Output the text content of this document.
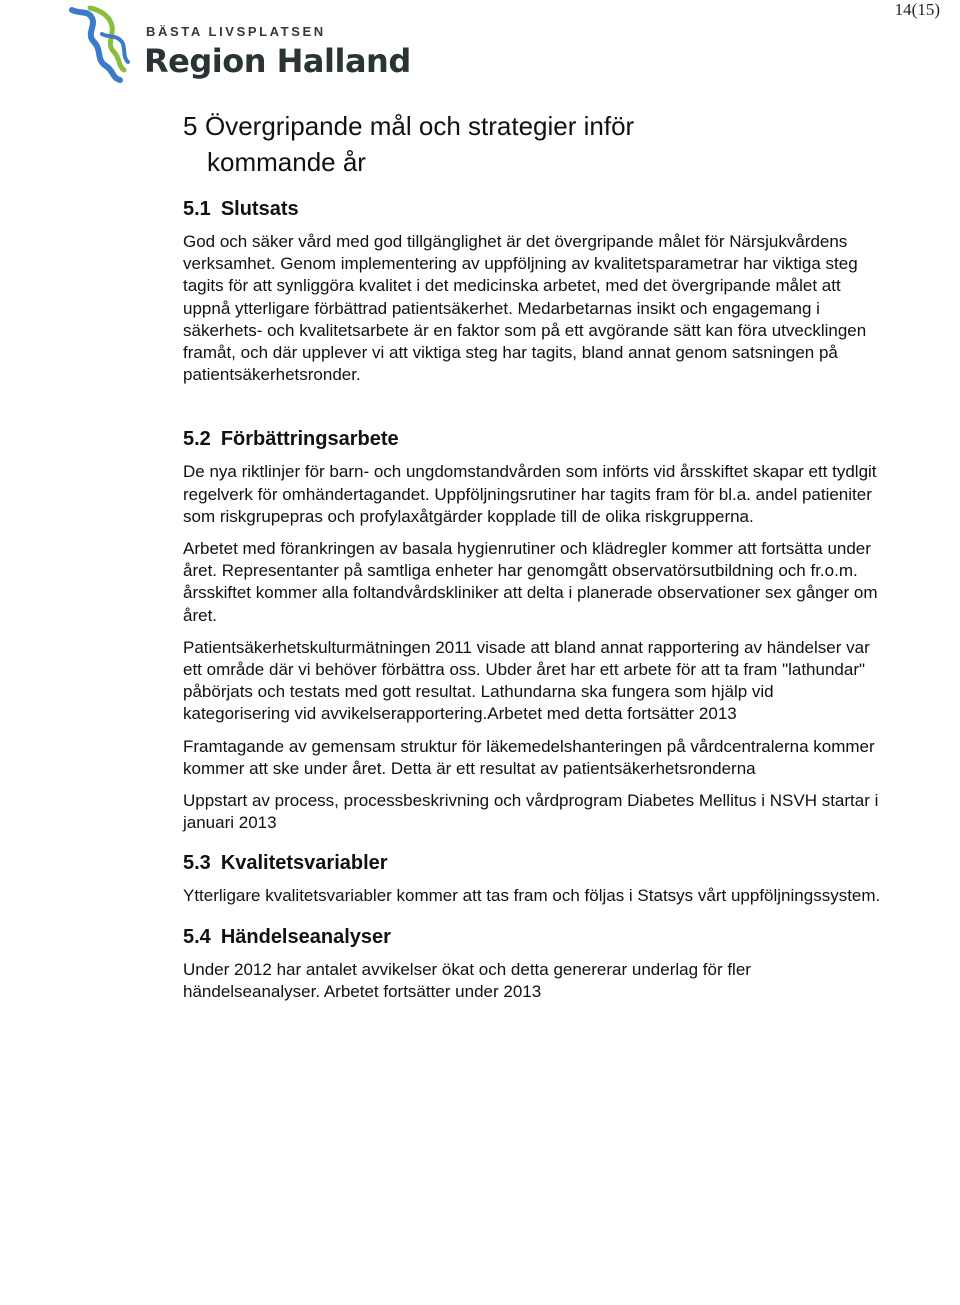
14(15)
BÄSTA LIVSPLATSEN
Region Halland
5 Övergripande mål och strategier inför
kommande år
5.1 Slutsats

God och säker vård med god tillgänglighet är det övergripande målet för Närsjukvårdens verksamhet. Genom implementering av uppföljning av kvalitetsparametrar har viktiga steg tagits för att synliggöra kvalitet i det medicinska arbetet, med det övergripande målet att uppnå ytterligare förbättrad patientsäkerhet. Medarbetarnas insikt och engagemang i säkerhets- och kvalitetsarbete är en faktor som på ett avgörande sätt kan föra utvecklingen framåt, och där upplever vi att viktiga steg har tagits, bland annat genom satsningen på patientsäkerhetsronder.

5.2 Förbättringsarbete

De nya riktlinjer för barn- och ungdomstandvården som införts vid årsskiftet skapar ett tydlgit regelverk för omhändertagandet. Uppföljningsrutiner har tagits fram för bl.a. andel patieniter som riskgrupepras och profylaxåtgärder kopplade till de olika riskgrupperna.

Arbetet med förankringen av basala hygienrutiner och klädregler kommer att fortsätta under året. Representanter på samtliga enheter har genomgått observatörsutbildning och fr.o.m. årsskiftet kommer alla foltandvårdskliniker att delta i planerade observationer sex gånger om året.

Patientsäkerhetskulturmätningen 2011 visade att bland annat rapportering av händelser var ett område där vi behöver förbättra oss. Ubder året har ett arbete för att ta fram "lathundar" påbörjats och testats med gott resultat. Lathundarna ska fungera som hjälp vid kategorisering vid avvikelserapportering.Arbetet med detta fortsätter 2013

Framtagande av gemensam struktur för läkemedelshanteringen på vårdcentralerna kommer kommer att ske under året. Detta är ett resultat av patientsäkerhetsronderna

Uppstart av process, processbeskrivning och vårdprogram Diabetes Mellitus i NSVH startar i januari 2013

5.3 Kvalitetsvariabler

Ytterligare kvalitetsvariabler kommer att tas fram och följas i Statsys vårt uppföljningssystem.

5.4 Händelseanalyser

Under 2012 har antalet avvikelser ökat och detta genererar underlag för fler händelseanalyser. Arbetet fortsätter under 2013
